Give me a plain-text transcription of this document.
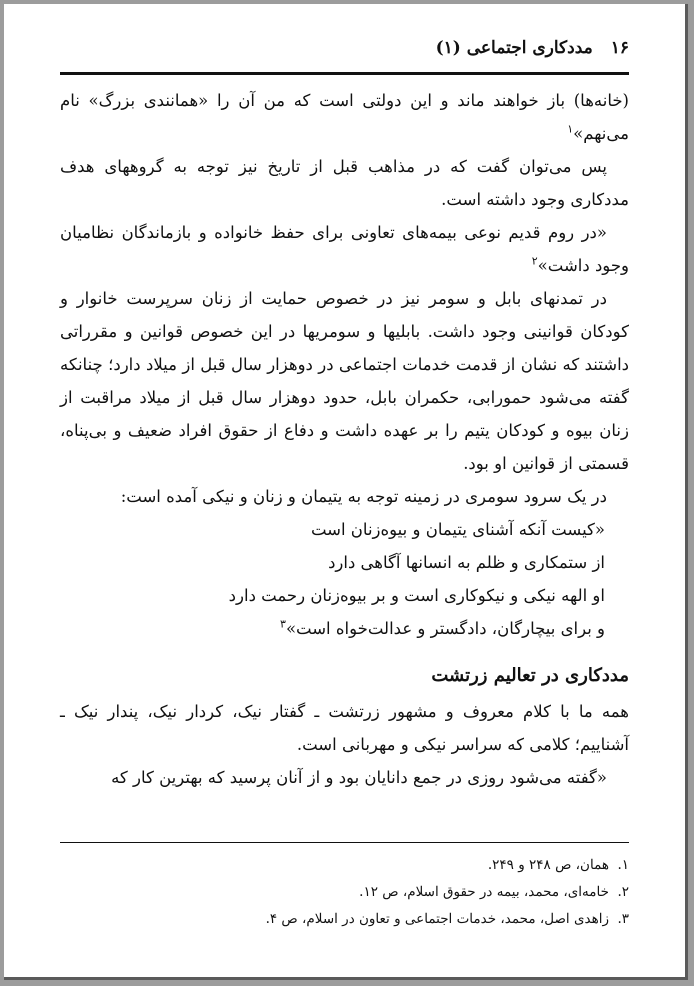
۱۶
مددکاری اجتماعی (۱)

(خانه‌ها) باز خواهند ماند و این دولتی است که من آن را «همانندی بزرگ» نام می‌نهم»$^۱$

پس می‌توان گفت که در مذاهب قبل از تاریخ نیز توجه به گروههای هدف مددکاری وجود داشته است.

«در روم قدیم نوعی بیمه‌های تعاونی برای حفظ خانواده و بازماندگان نظامیان وجود داشت»$^۲$

در تمدنهای بابل و سومر نیز در خصوص حمایت از زنان سرپرست خانوار و کودکان قوانینی وجود داشت. بابلیها و سومریها در این خصوص قوانین و مقرراتی داشتند که نشان از قدمت خدمات اجتماعی در دوهزار سال قبل از میلاد دارد؛ چنانکه گفته می‌شود حمورابی، حکمران بابل، حدود دوهزار سال قبل از میلاد مراقبت از زنان بیوه و کودکان یتیم را بر عهده داشت و دفاع از حقوق افراد ضعیف و بی‌پناه، قسمتی از قوانین او بود.

در یک سرود سومری در زمینه توجه به یتیمان و زنان و نیکی آمده است:

«کیست آنکه آشنای یتیمان و بیوه‌زنان است

از ستمکاری و ظلم به انسانها آگاهی دارد

او الهه نیکی و نیکوکاری است و بر بیوه‌زنان رحمت دارد

و برای بیچارگان، دادگستر و عدالت‌خواه است»$^۳$

مددکاری در تعالیم زرتشت

همه ما با کلام معروف و مشهور زرتشت ـ گفتار نیک، کردار نیک، پندار نیک ـ آشناییم؛ کلامی که سراسر نیکی و مهربانی است.

«گفته می‌شود روزی در جمع دانایان بود و از آنان پرسید که بهترین کار که

۱.
همان، ص ۲۴۸ و ۲۴۹.
۲.
خامه‌ای، محمد، بیمه در حقوق اسلام، ص ۱۲.
۳.
زاهدی اصل، محمد، خدمات اجتماعی و تعاون در اسلام، ص ۴.
